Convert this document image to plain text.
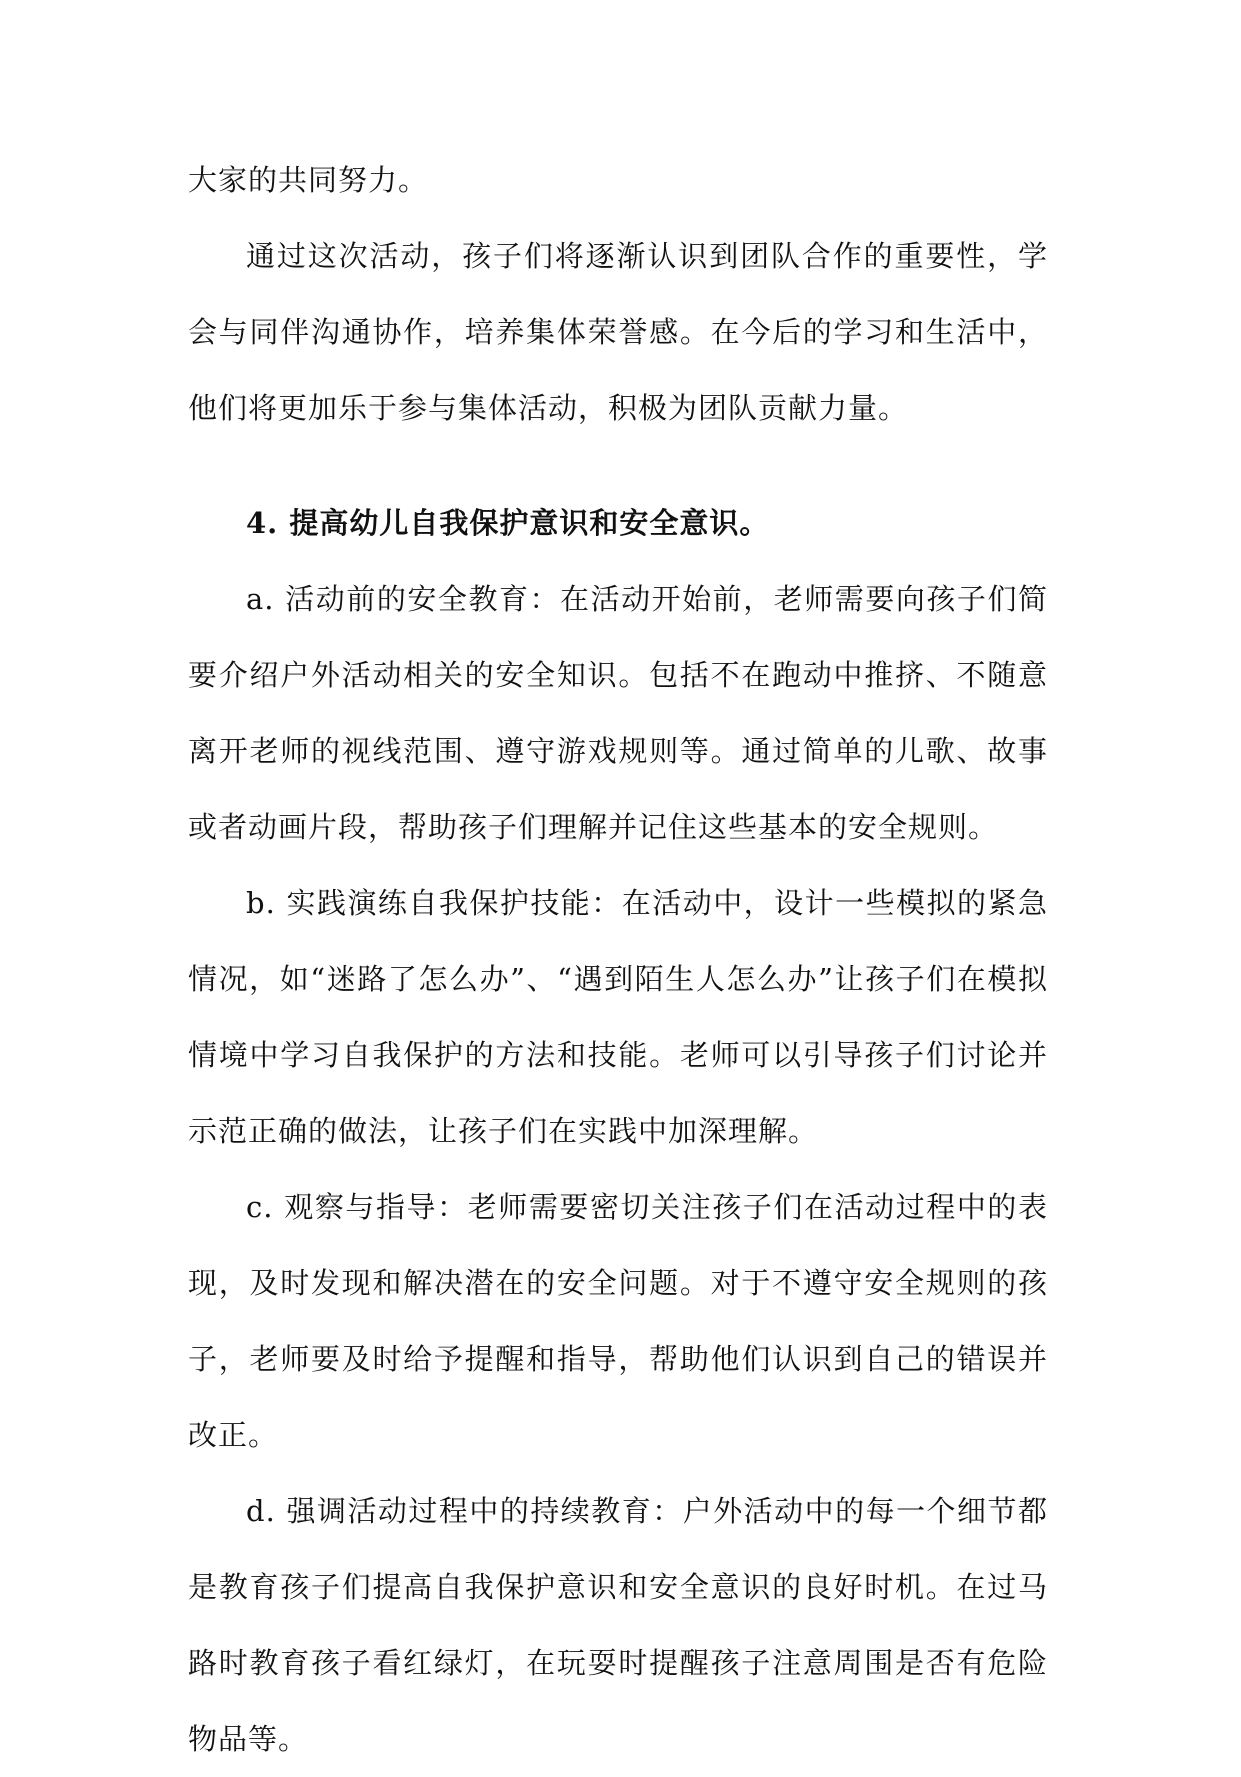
大家的共同努力。

通过这次活动，孩子们将逐渐认识到团队合作的重要性，学会与同伴沟通协作，培养集体荣誉感。在今后的学习和生活中，他们将更加乐于参与集体活动，积极为团队贡献力量。

4. 提高幼儿自我保护意识和安全意识。

a. 活动前的安全教育：在活动开始前，老师需要向孩子们简要介绍户外活动相关的安全知识。包括不在跑动中推挤、不随意离开老师的视线范围、遵守游戏规则等。通过简单的儿歌、故事或者动画片段，帮助孩子们理解并记住这些基本的安全规则。

b. 实践演练自我保护技能：在活动中，设计一些模拟的紧急情况，如“迷路了怎么办”、“遇到陌生人怎么办”让孩子们在模拟情境中学习自我保护的方法和技能。老师可以引导孩子们讨论并示范正确的做法，让孩子们在实践中加深理解。

c. 观察与指导：老师需要密切关注孩子们在活动过程中的表现，及时发现和解决潜在的安全问题。对于不遵守安全规则的孩子，老师要及时给予提醒和指导，帮助他们认识到自己的错误并改正。

d. 强调活动过程中的持续教育：户外活动中的每一个细节都是教育孩子们提高自我保护意识和安全意识的良好时机。在过马路时教育孩子看红绿灯，在玩耍时提醒孩子注意周围是否有危险物品等。
